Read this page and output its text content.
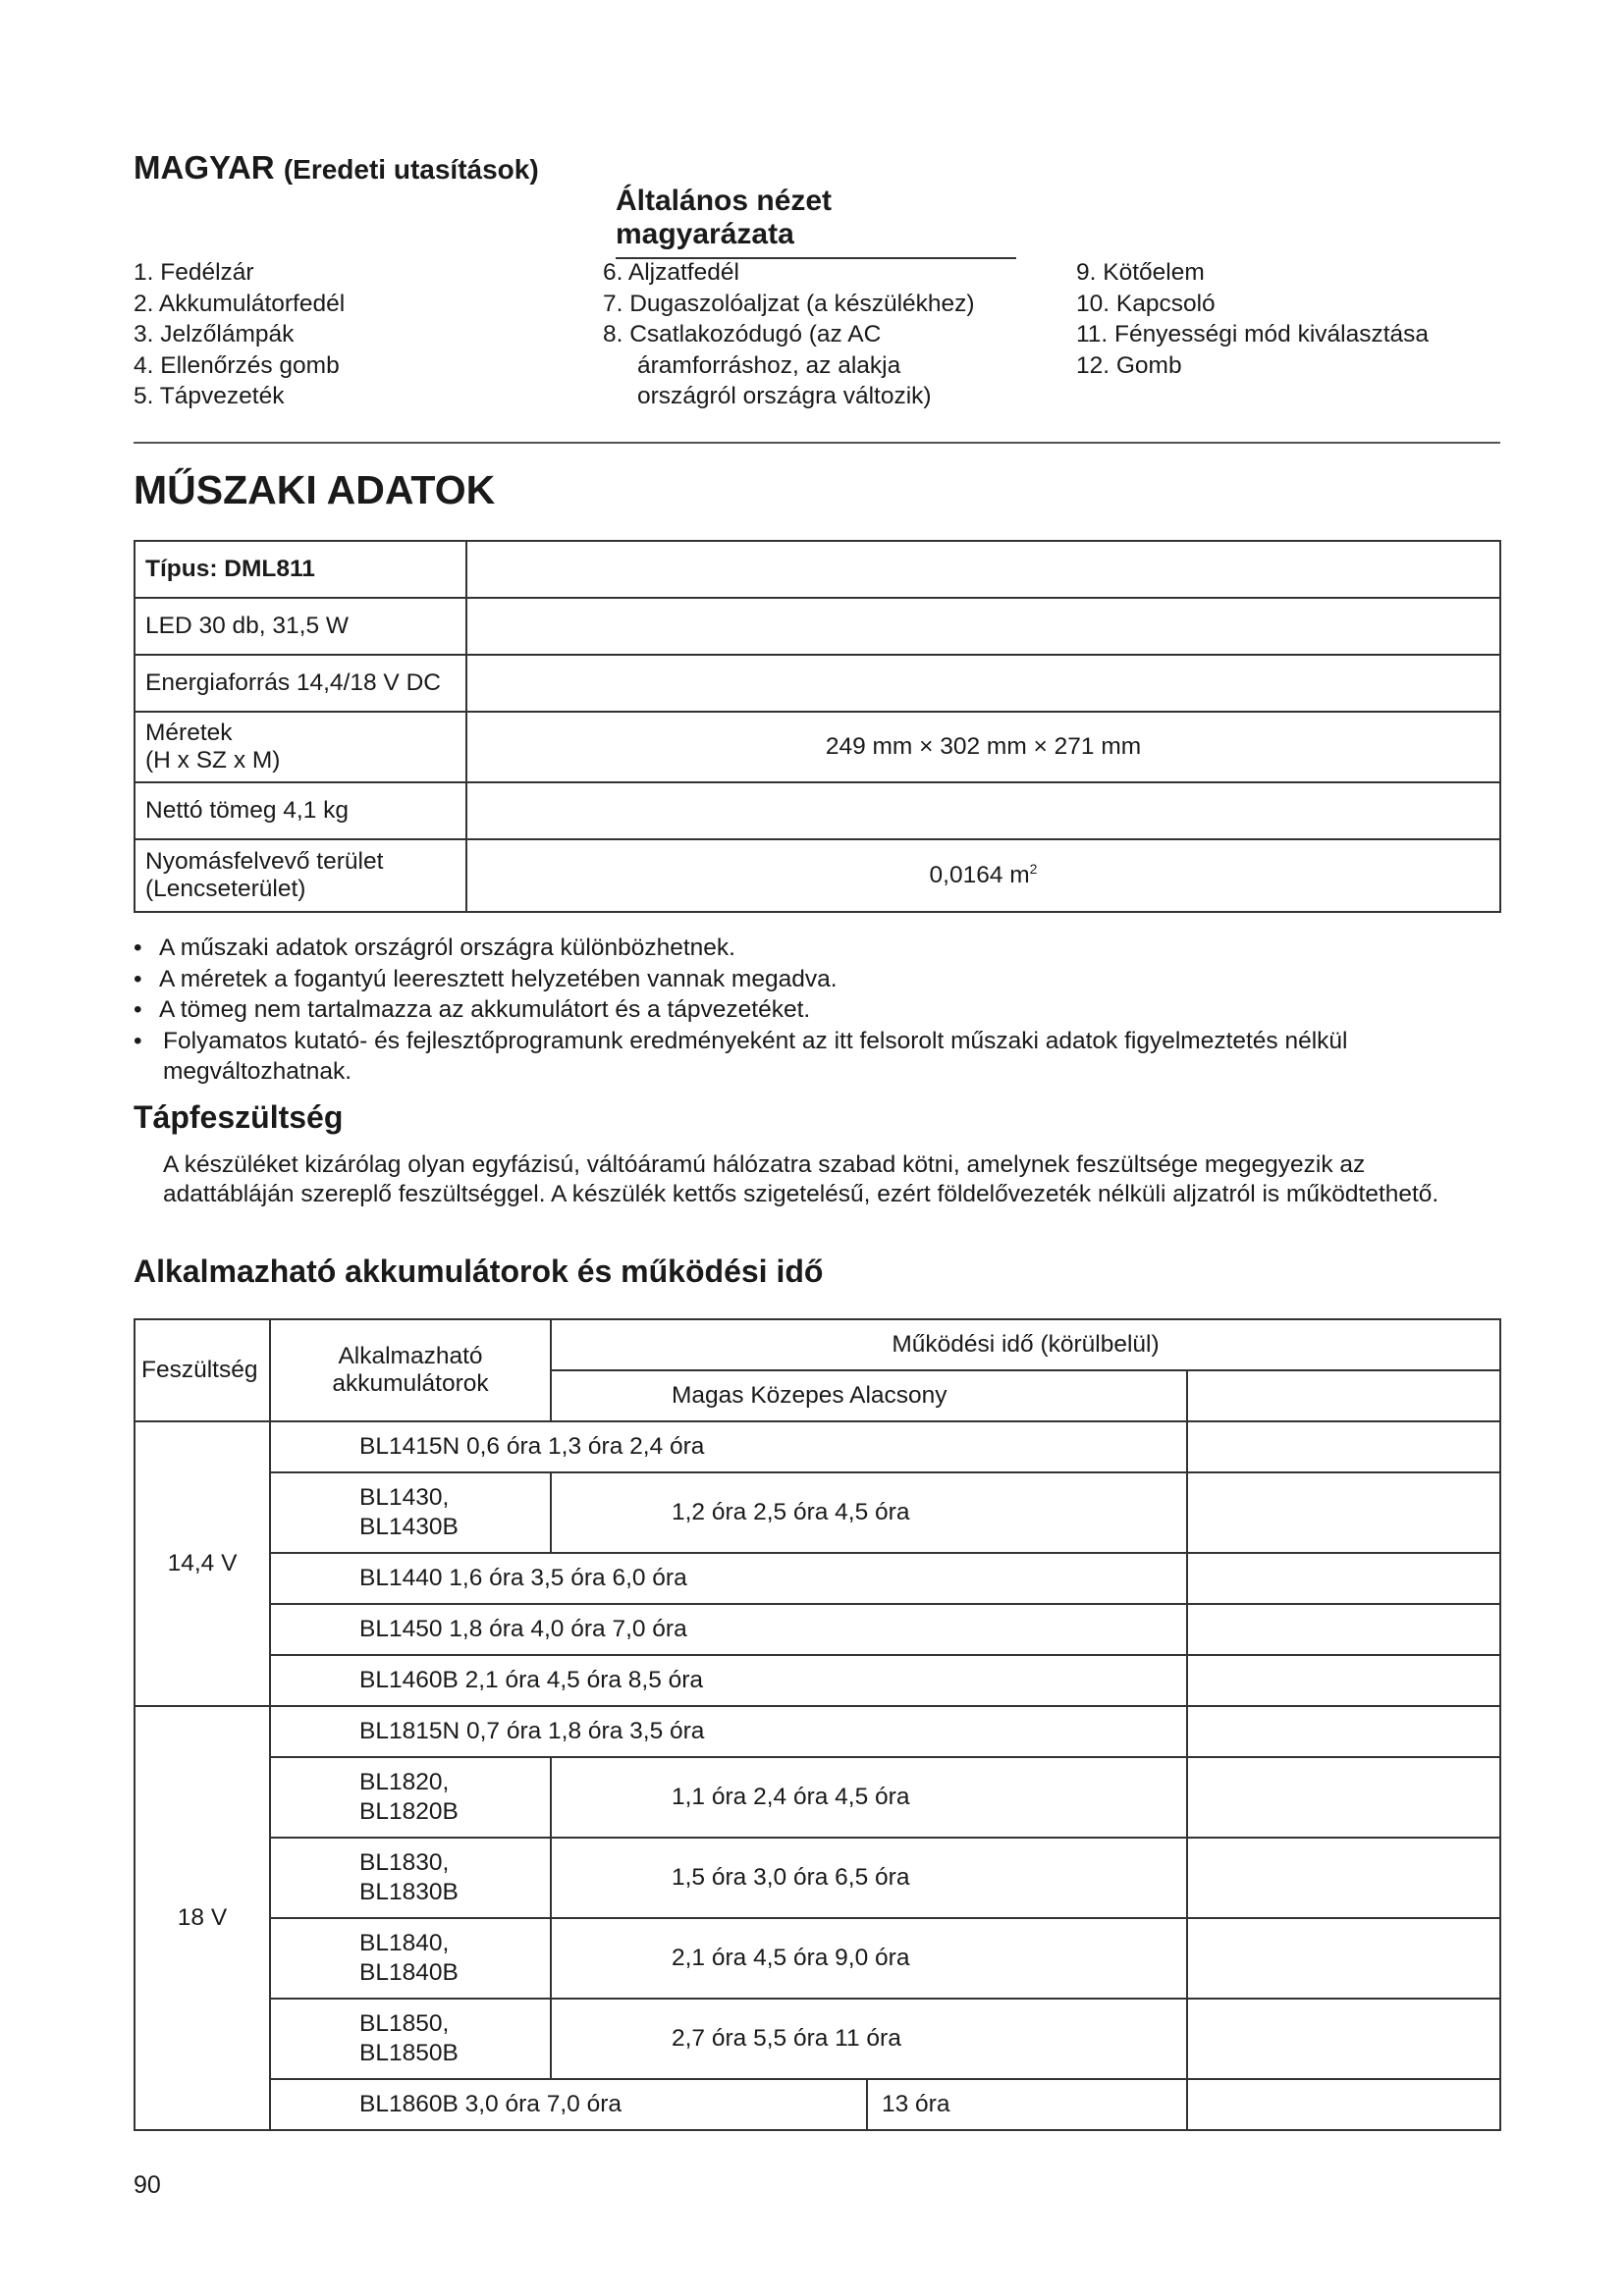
MAGYAR (Eredeti utasítások)
Általános nézet magyarázata
1. Fedélzár
2. Akkumulátorfedél
3. Jelzőlámpák
4. Ellenőrzés gomb
5. Tápvezeték
6. Aljzatfedél
7. Dugaszolóaljzat (a készülékhez)
8. Csatlakozódugó (az AC
áramforráshoz, az alakja
országról országra változik)
9. Kötőelem
10. Kapcsoló
11. Fényességi mód kiválasztása
12. Gomb
MŰSZAKI ADATOK
Típus: DML811	
LED 30 db, 31,5 W	
Energiaforrás 14,4/18 V DC	

Méretek
(H x SZ x M)	249 mm × 302 mm × 271 mm
Nettó tömeg 4,1 kg	

Nyomásfelvevő terület
(Lencseterület)	0,0164 $m^2$
• A műszaki adatok országról országra különbözhetnek.
• A méretek a fogantyú leeresztett helyzetében vannak megadva.
• A tömeg nem tartalmazza az akkumulátort és a tápvezetéket.
• Folyamatos kutató- és fejlesztőprogramunk eredményeként az itt felsorolt műszaki adatok figyelmeztetés nélkül megváltozhatnak.
Tápfeszültség
A készüléket kizárólag olyan egyfázisú, váltóáramú hálózatra szabad kötni, amelynek feszültsége megegyezik az adattábláján szereplő feszültséggel. A készülék kettős szigetelésű, ezért földelővezeték nélküli aljzatról is működtethető.
Alkalmazható akkumulátorok és működési idő
Feszültség	Alkalmazható
akkumulátorok	Működési idő (körülbelül)		
		Magas Közepes Alacsony		
14,4 V	BL1415N 0,6 óra 1,3 óra 2,4 óra			

	BL1430,
BL1430B	1,2 óra 2,5 óra 4,5 óra		
	BL1440 1,6 óra 3,5 óra 6,0 óra			
	BL1450 1,8 óra 4,0 óra 7,0 óra			
	BL1460B 2,1 óra 4,5 óra 8,5 óra			
18 V	BL1815N 0,7 óra 1,8 óra 3,5 óra			

	BL1820,
BL1820B	1,1 óra 2,4 óra 4,5 óra		

	BL1830,
BL1830B	1,5 óra 3,0 óra 6,5 óra		

	BL1840,
BL1840B	2,1 óra 4,5 óra 9,0 óra		

	BL1850,
BL1850B	2,7 óra 5,5 óra 11 óra		
	BL1860B 3,0 óra 7,0 óra		13 óra	
90
